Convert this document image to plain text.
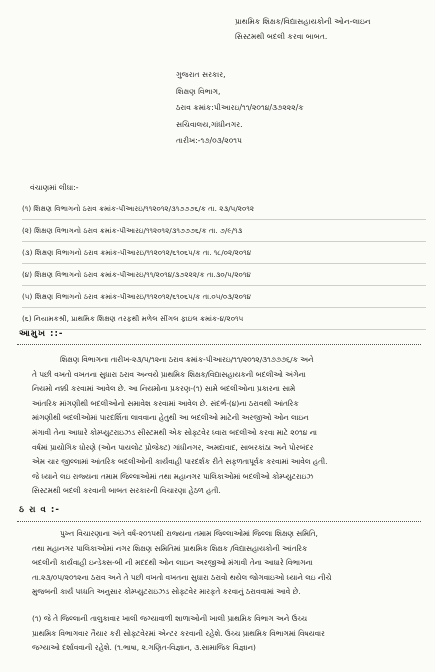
પ્રાથમિક શિક્ષક/વિદ્યાસહાયકોની ઓન-લાઇન
સિસ્ટમથી બદલી કરવા બાબત.
ગુજરાત સરકાર,
શિક્ષણ વિભાગ,
ઠરાવ ક્રમાંક:પીઆરઇ/૧૧/૨૦૧૪/૩૭૨૨૨/ક
સચિવાલય,ગાંધીનગર.
તારીખ:-૧૭/૦૩/૨૦૧૫
વંચાણમાં લીધા:-
(૧) શિક્ષણ વિભાગનો ઠરાવ ક્રમાંક-પીઆરઇ/૧૧૨૦૧૨/૩૧૭૭૭૬/ક તા. ૨૩/૫/૨૦૧૨
(૨) શિક્ષણ વિભાગનો ઠરાવ ક્રમાંક-પીઆરઇ/૧૧૨૦૧૨/૩૧૭૭૭૬/ક તા. ૭/૯/૧૩
(૩) શિક્ષણ વિભાગનો ઠરાવ ક્રમાંક-પીઆરઇ/૧૧૨૦૧૨/૬૧૦૬૫/ક તા. ૧૮/૦૨/૨૦૧૪
(૪) શિક્ષણ વિભાગનો ઠરાવ ક્રમાંક-પીઆરઇ/૧૧/૨૦૧૪/૩૭૨૨૨/ક તા.૩૦/૫/૨૦૧૪
(૫) શિક્ષણ વિભાગનો ઠરાવ ક્રમાંક-પીઆરઇ/૧૧૨૦૧૨/૬૧૦૬૫/ક તા.૦૫/૦૩/૨૦૧૪
(૬) નિયામકશ્રી, પ્રાથમિક શિક્ષણ તરફથી મળેલ સીંગલ ફાઇલ ક્રમાંક-૪/૨૦૧૫
આમુખ ::-
શિક્ષણ વિભાગના તારીખ-૨૩/૫/૧૨ના ઠરાવ ક્રમાંક-પીઆરઇ/૧૧/૨૦૧૨/૩૧૭૭૭૬/ક અને
તે પછી વખતો વખતના સુધારા ઠરાવ અન્વયે પ્રાથમિક શિક્ષક/વિદ્યાસહાયકની બદલીઓ અંગેના
નિયમો નક્કી કરવામાં આવેલ છે. આ નિયમોના પ્રકરણ-(૧) સામે બદલીઓના પ્રકારના સામે
આંતરિક માંગણીથી બદલીઓનો સમાવેશ કરવામાં આવેલ છે. સંદર્ભ-(૪)ના ઠરાવથી આંતરિક
માંગણીથી બદલીઓમાં પારદર્શિતા લાવવાના હેતુથી આ બદલીઓ માટેની અરજીઓ ઓન લાઇન
મંગાવી તેના આધારે કોમ્પ્યુટરાઇઝડ સીસ્ટમથી એક સોફ્ટવેર ધ્વારા બદલીઓ કરવા માટે ૨૦૧૪ ના
વર્ષમાં પ્રાયોગિક ધોરણે (ઓન પાયલોટ પ્રોજેક્ટ) ગાંધીનગર, અમદાવાદ, સાબરકાંઠા અને પોરબંદર
એમ ચાર જીલ્લામાં આંતરિક બદલીઓની કાર્યવાહી પારદર્શક રીતે સફળતાપૂર્વક કરવામાં આવેલ હતી.
જે ધ્યાને લઇ રાજ્યના તમામ જિલ્લાઓમાં તથા મહાનગર પાલિકાઓમાં બદલીઓ કોમ્પ્યુટરાઇઝ
સિસ્ટમથી બદલી કરવાની બાબત સરકારની વિચારણા હેઠળ હતી.
ઠ રા વ :-
પુખ્ત વિચારણાના અંતે વર્ષ-૨૦૧૫થી રાજ્યના તમામ જિલ્લાઓમાં જિલ્લા શિક્ષણ સમિતિ,
તથા મહાનગર પાલિકાઓમાં નગર શિક્ષણ સમિતિમાં પ્રાથમિક શિક્ષક /વિદ્યાસહાયકોની આંતરિક
બદલીની કાર્યવાહી ઇન્ડેક્સ-બી ની મદદથી ઓન લાઇન અરજીઓ મંગાવી તેના આધારે વિભાગના
તા.૨૩/૦૫/૨૦૧૨ના ઠરાવ અને તે પછી વખતો વખતના સુધારા ઠરાવો થયેલ જોગવાઇઓ ધ્યાને લઇ નીચે
મુજબની કાર્ય પધ્ધતિ અનુસાર કોમ્પ્યુટરાઇઝડ સોફ્ટવેર મારફતે કરવાનું ઠરાવવામાં આવે છે.
(૧) જે તે જિલ્લાની તાલુકાવાર ખાલી જગ્યાવાળી શાળાઓની ખાલી પ્રાથમિક વિભાગ અને ઉચ્ચ
પ્રાથમિક વિભાગવાર તૈયાર કરી સોફ્ટવેરમાં એન્ટર કરવાની રહેશે. ઉચ્ચ પ્રાથમિક વિભાગમાં વિષયવાર
જગ્યાઓ દર્શાવવાની રહેશે. (૧.ભાષા, ૨.ગણિત-વિજ્ઞાન, ૩.સામાજિક વિજ્ઞાન)
